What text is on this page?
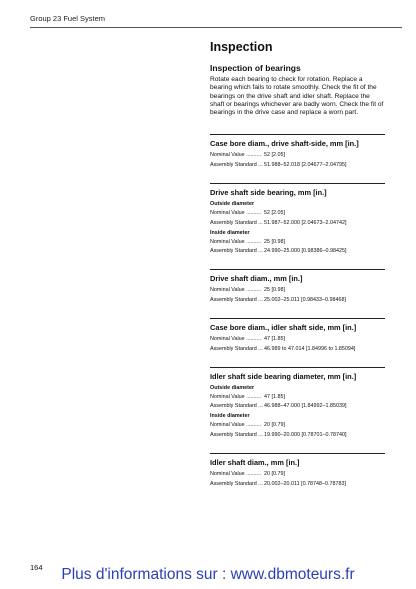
Group 23 Fuel System
Inspection
Inspection of bearings

Rotate each bearing to check for rotation. Replace a bearing which fails to rotate smoothly. Check the fit of the bearings on the drive shaft and idler shaft. Replace the shaft or bearings whichever are badly worn. Check the fit of bearings in the drive case and replace a worn part.

Case bore diam., drive shaft-side, mm [in.]
Nominal Value .......... 52 [2.05]
Assembly Standard ... 51.988–52.018 [2.04677–2.04795]
Drive shaft side bearing, mm [in.]
Outside diameter
Nominal Value .......... 52 [2.05]
Assembly Standard ... 51.987–52.000 [2.04673–2.04742]
Inside diameter
Nominal Value .......... 25 [0.98]
Assembly Standard ... 24.990–25.000 [0.98386–0.98425]
Drive shaft diam., mm [in.]
Nominal Value .......... 25 [0.98]
Assembly Standard ... 25.002–25.011 [0.98433–0.98468]
Case bore diam., idler shaft side, mm [in.]
Nominal Value .......... 47 [1.85]
Assembly Standard ...46.989 to 47.014 [1.84996 to 1.85094]
Idler shaft side bearing diameter, mm [in.]
Outside diameter
Nominal Value .......... 47 [1.85]
Assembly Standard ... 46.988–47.000 [1.84992–1.85039]
Inside diameter
Nominal Value .......... 20 [0.79]
Assembly Standard ... 19.990–20.000 [0.78701–0.78740]
Idler shaft diam., mm [in.]
Nominal Value .......... 20 [0.79]
Assembly Standard ... 20.002–20.011 [0.78748–0.78783]
164	Plus d'informations sur : www.dbmoteurs.fr
